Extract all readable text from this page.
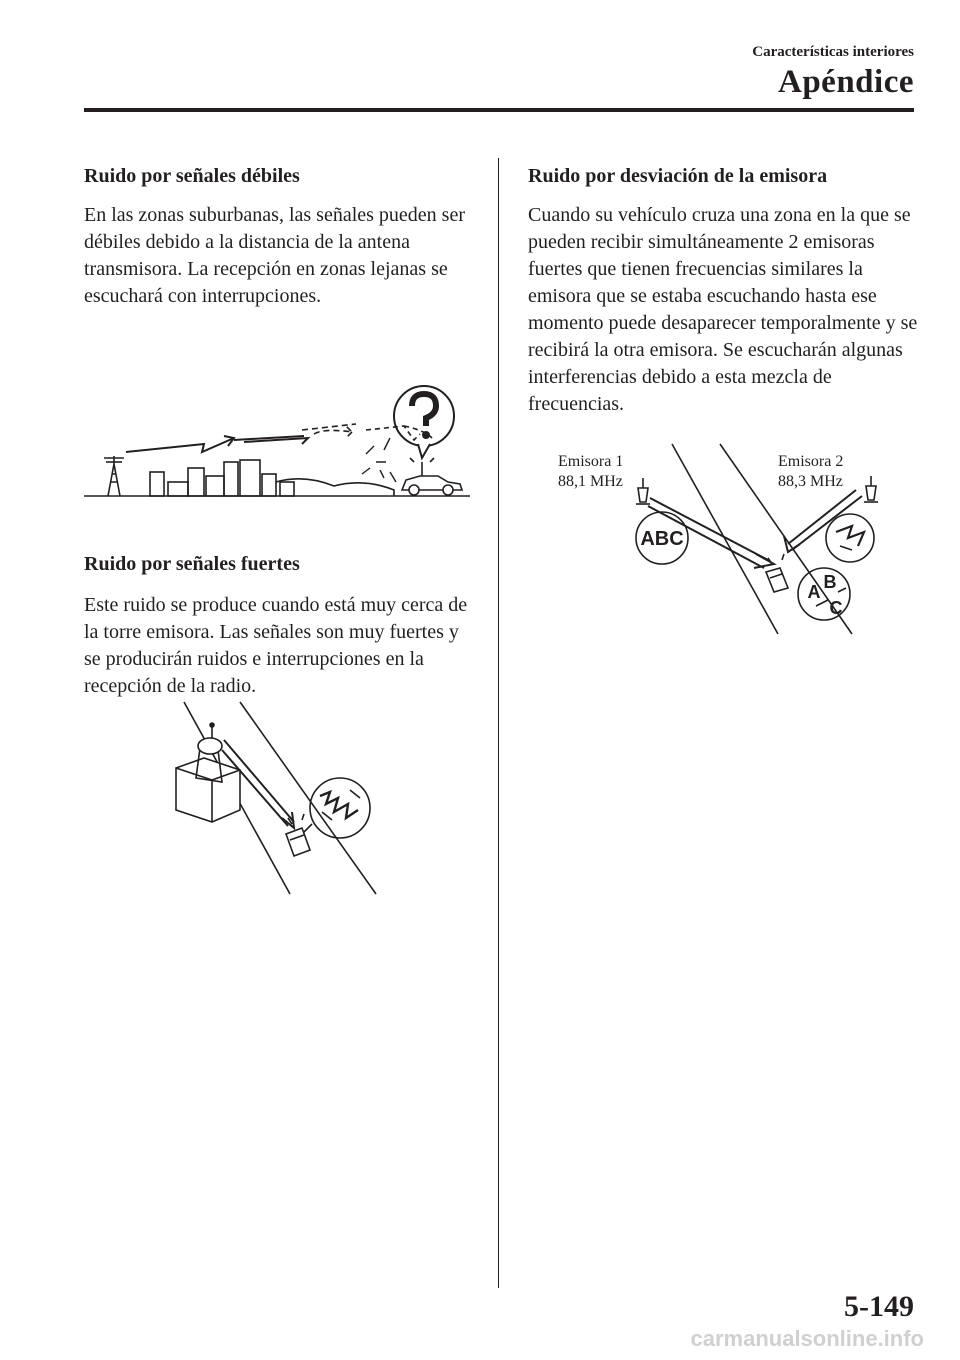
Características interiores
Apéndice
Ruido por señales débiles

En las zonas suburbanas, las señales pueden ser débiles debido a la distancia de la antena transmisora. La recepción en zonas lejanas se escuchará con interrupciones.

Ruido por señales fuertes

Este ruido se produce cuando está muy cerca de la torre emisora. Las señales son muy fuertes y se producirán ruidos e interrupciones en la recepción de la radio.

Ruido por desviación de la emisora

Cuando su vehículo cruza una zona en la que se pueden recibir simultáneamente 2 emisoras fuertes que tienen frecuencias similares la emisora que se estaba escuchando hasta ese momento puede desaparecer temporalmente y se recibirá la otra emisora. Se escucharán algunas interferencias debido a esta mezcla de frecuencias.

Emisora 1
88,1 MHz
Emisora 2
88,3 MHz
ABC
A B
C
5-149
carmanualsonline.info
